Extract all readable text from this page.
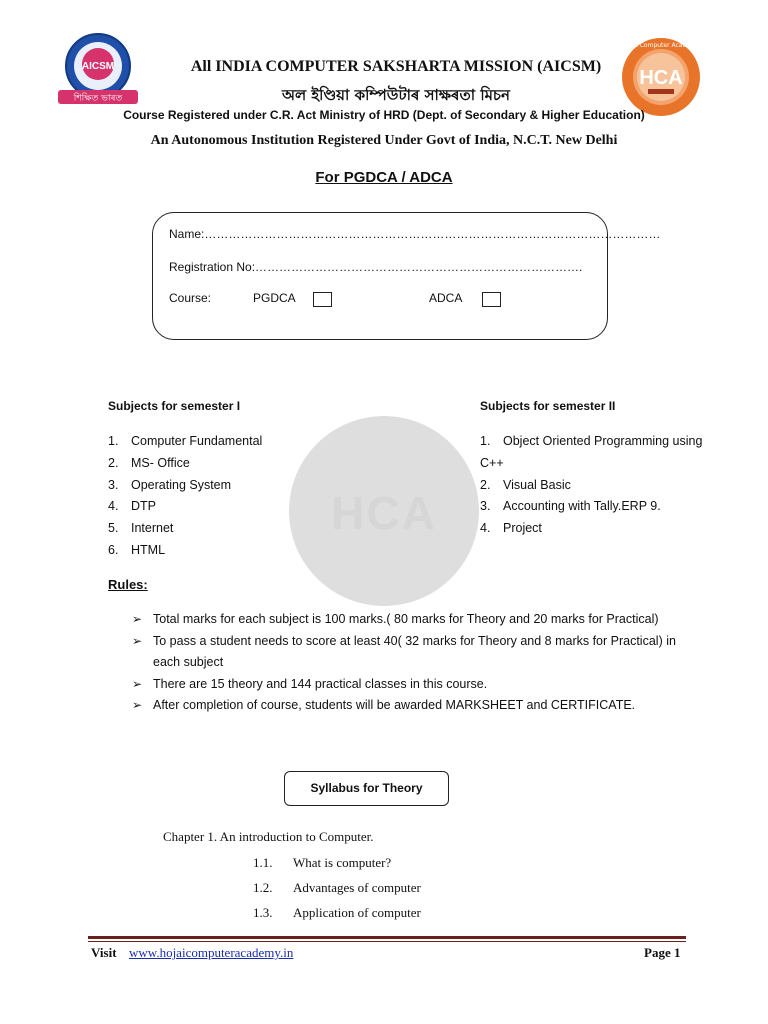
AICSM
শিক্ষিত ভাৰত
HCA
Hojai Computer Academy
All INDIA COMPUTER SAKSHARTA MISSION (AICSM)
অল ইণ্ডিয়া কম্পিউটাৰ সাক্ষৰতা মিচন
Course Registered under C.R. Act Ministry of HRD (Dept. of Secondary & Higher Education)
An Autonomous Institution Registered Under Govt of India, N.C.T. New Delhi
For PGDCA / ADCA
Name:……………………………………………………………………………………………………
Registration No:……………………………………………………………………….
Course:	PGDCA	ADCA
HCA
Subjects for semester I	Subjects for semester II
1. Computer Fundamental
2. MS- Office
3. Operating System
4. DTP
5. Internet
6. HTML
1. Object Oriented Programming using C++
2. Visual Basic
3. Accounting with Tally.ERP 9.
4. Project
Rules:
➢ Total marks for each subject is 100 marks.( 80 marks for Theory and 20 marks for Practical)
➢ To pass a student needs to score at least 40( 32 marks for Theory and 8 marks for Practical) in each subject
➢ There are 15 theory and 144 practical classes in this course.
➢ After completion of course, students will be awarded MARKSHEET and CERTIFICATE.
Syllabus for Theory
Chapter 1. An introduction to Computer.
1.1. What is computer?
1.2. Advantages of computer
1.3. Application of computer
Visit www.hojaicomputeracademy.in	Page 1
